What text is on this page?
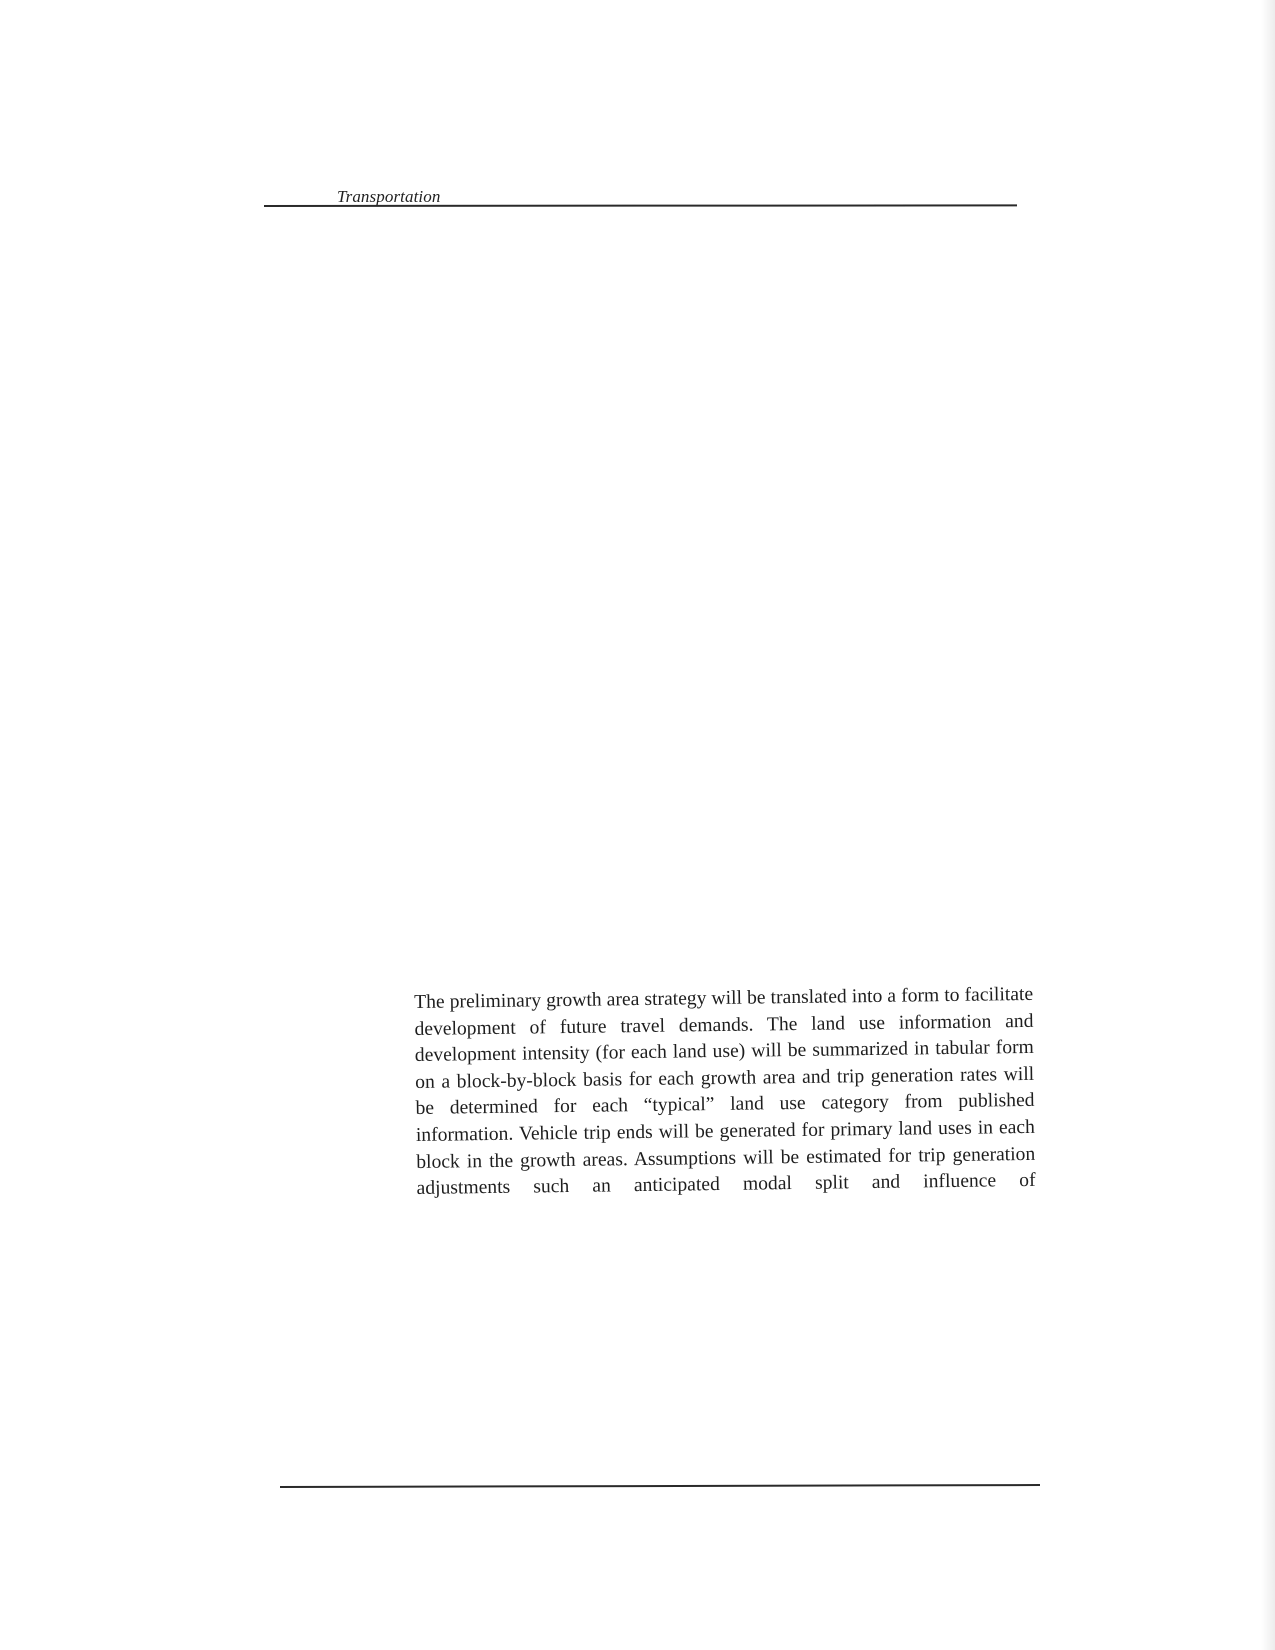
Transportation
The preliminary growth area strategy will be translated into a form to facilitate development of future travel demands. The land use information and development intensity (for each land use) will be summarized in tabular form on a block-by-block basis for each growth area and trip generation rates will be determined for each “typical” land use category from published information. Vehicle trip ends will be generated for primary land uses in each block in the growth areas. Assumptions will be estimated for trip generation adjustments such an anticipated modal split and influence of
